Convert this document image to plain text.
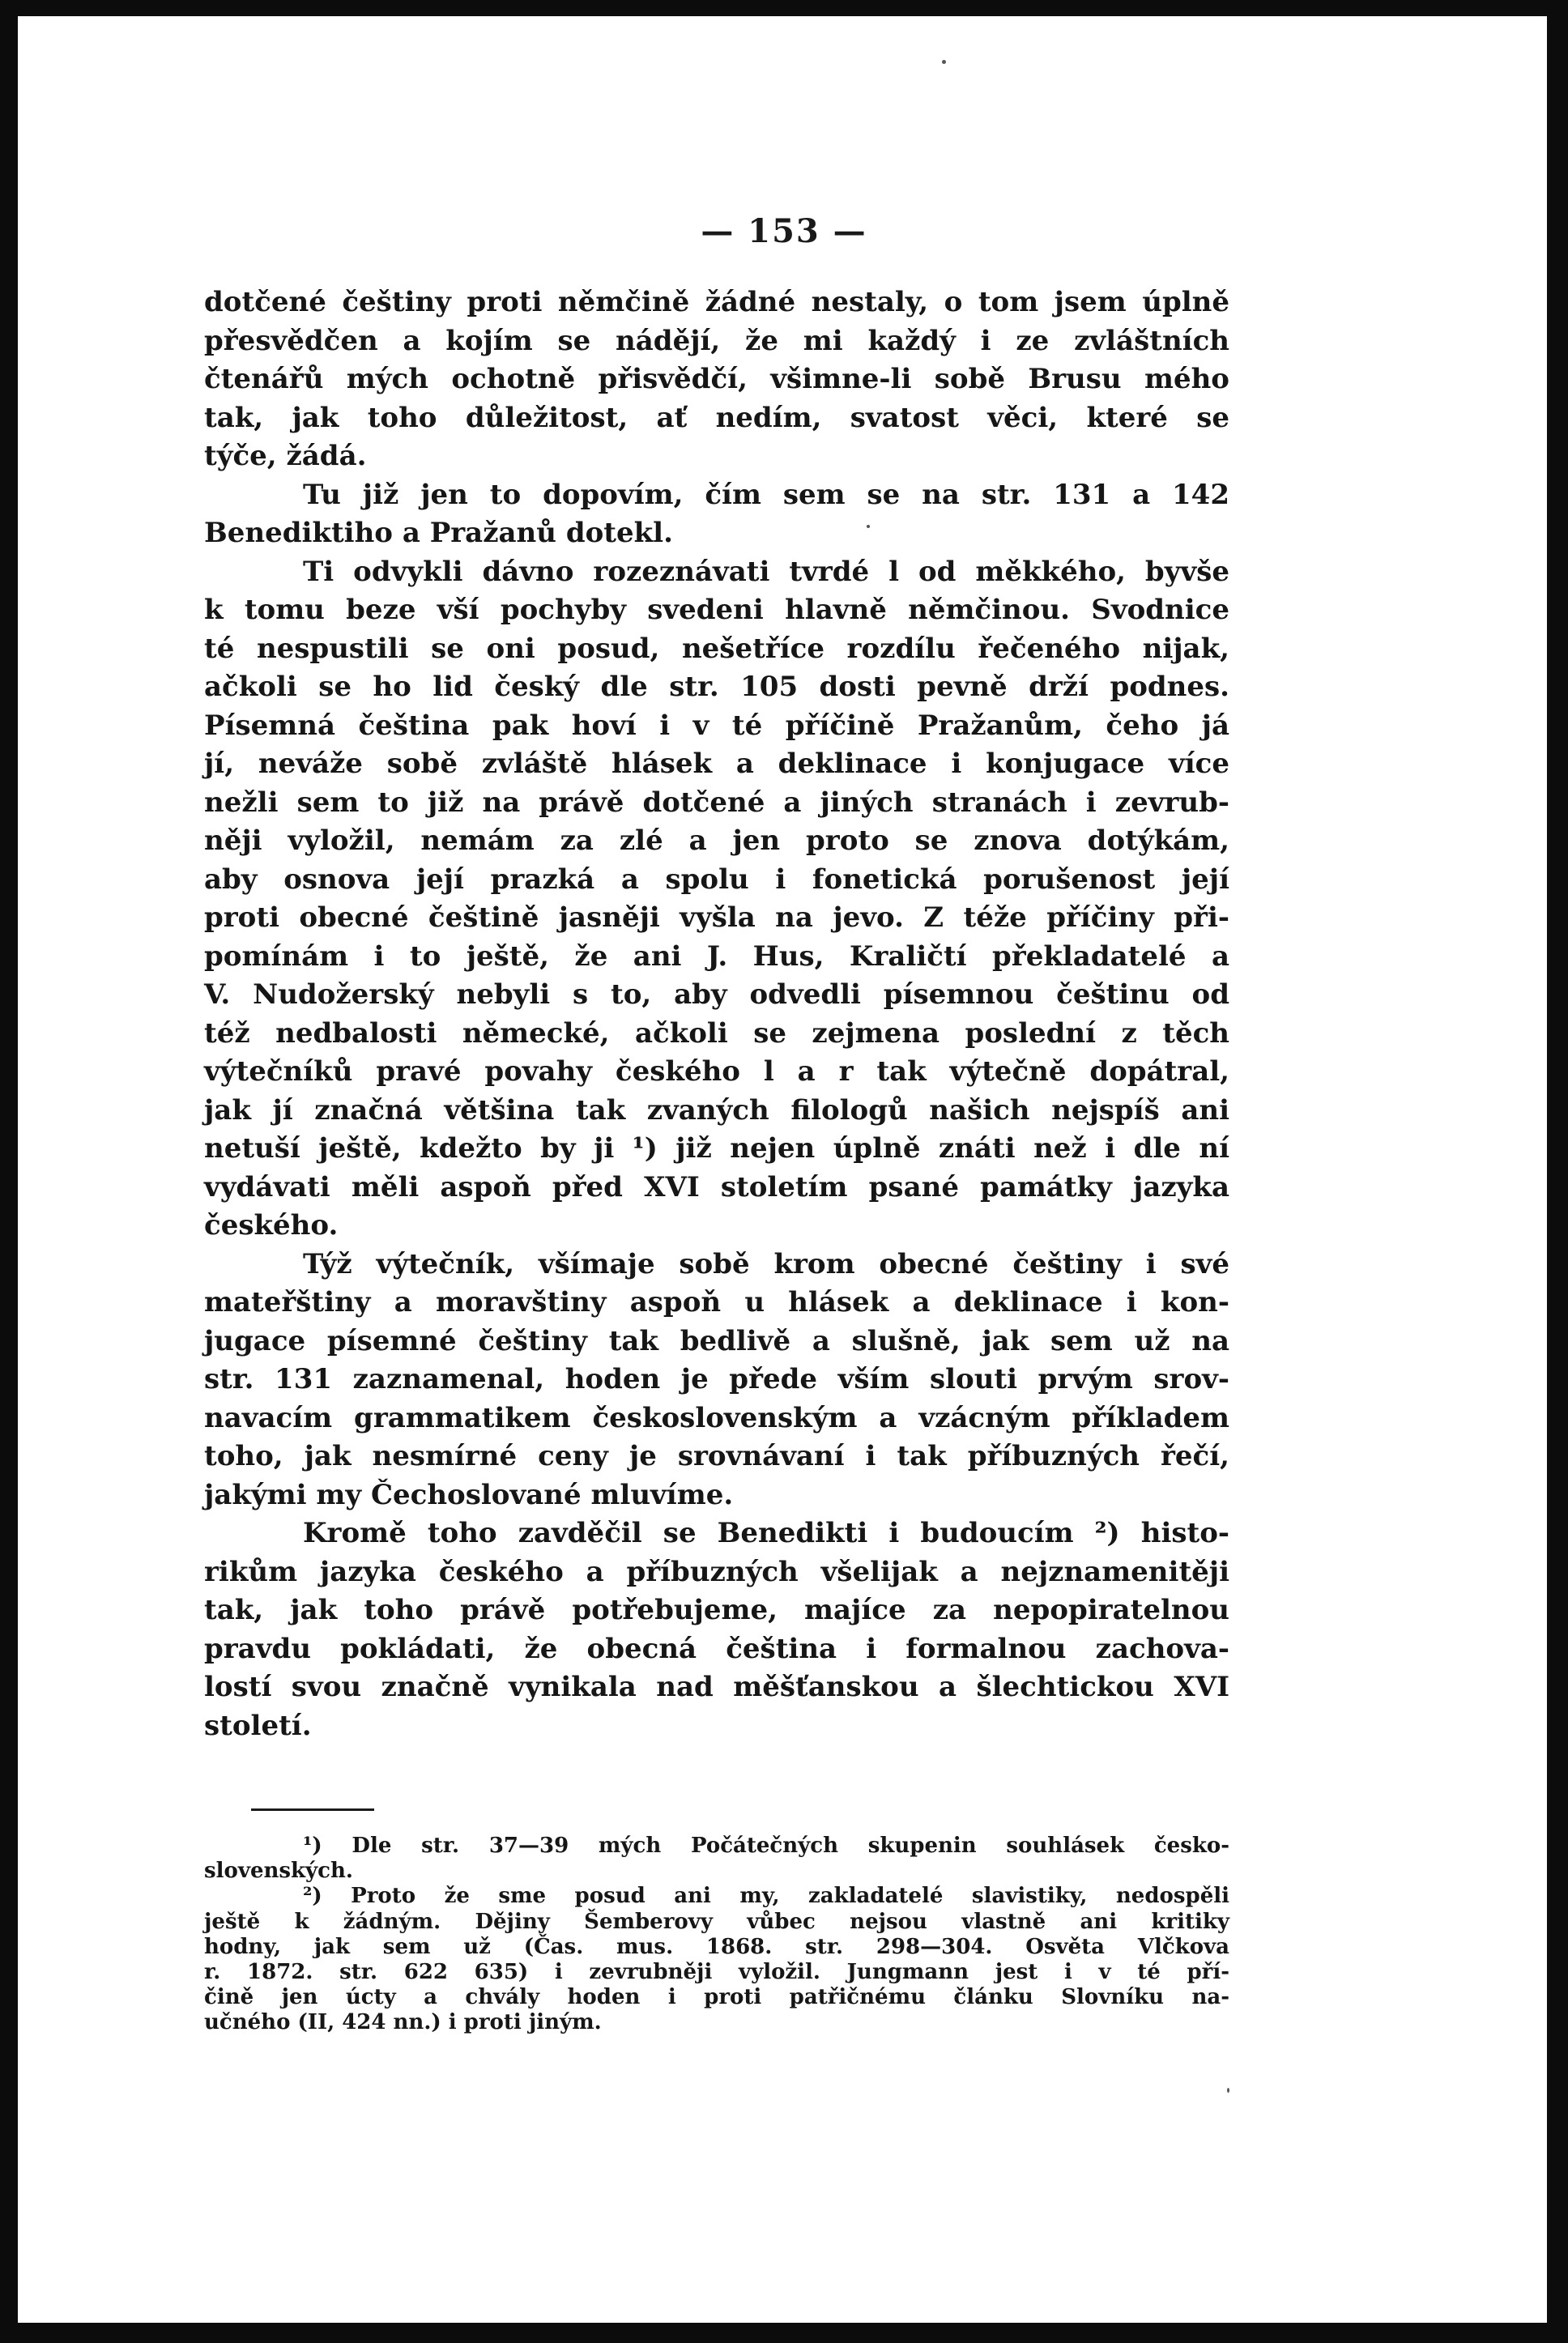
— 153 —
dotčené češtiny proti němčině žádné nestaly, o tom jsem úplně
přesvědčen a kojím se nádějí, že mi každý i ze zvláštních
čtenářů mých ochotně přisvědčí, všimne-li sobě Brusu mého
tak, jak toho důležitost, ať nedím, svatost věci, které se
týče, žádá.
Tu již jen to dopovím, čím sem se na str. 131 a 142
Benediktiho a Pražanů dotekl.
Ti odvykli dávno rozeznávati tvrdé l od měkkého, byvše
k tomu beze vší pochyby svedeni hlavně němčinou. Svodnice
té nespustili se oni posud, nešetříce rozdílu řečeného nijak,
ačkoli se ho lid český dle str. 105 dosti pevně drží podnes.
Písemná čeština pak hoví i v té příčině Pražanům, čeho já
jí, neváže sobě zvláště hlásek a deklinace i konjugace více
nežli sem to již na právě dotčené a jiných stranách i zevrub-
něji vyložil, nemám za zlé a jen proto se znova dotýkám,
aby osnova její prazká a spolu i fonetická porušenost její
proti obecné češtině jasněji vyšla na jevo. Z téže příčiny při-
pomínám i to ještě, že ani J. Hus, Kraličtí překladatelé a
V. Nudožerský nebyli s to, aby odvedli písemnou češtinu od
též nedbalosti německé, ačkoli se zejmena poslední z těch
výtečníků pravé povahy českého l a r tak výtečně dopátral,
jak jí značná většina tak zvaných filologů našich nejspíš ani
netuší ještě, kdežto by ji ¹) již nejen úplně znáti než i dle ní
vydávati měli aspoň před XVI stoletím psané památky jazyka
českého.
Týž výtečník, všímaje sobě krom obecné češtiny i své
mateřštiny a moravštiny aspoň u hlásek a deklinace i kon-
jugace písemné češtiny tak bedlivě a slušně, jak sem už na
str. 131 zaznamenal, hoden je přede vším slouti prvým srov-
navacím grammatikem československým a vzácným příkladem
toho, jak nesmírné ceny je srovnávaní i tak příbuzných řečí,
jakými my Čechoslované mluvíme.
Kromě toho zavděčil se Benedikti i budoucím ²) histo-
rikům jazyka českého a příbuzných všelijak a nejznamenitěji
tak, jak toho právě potřebujeme, majíce za nepopiratelnou
pravdu pokládati, že obecná čeština i formalnou zachova-
lostí svou značně vynikala nad měšťanskou a šlechtickou XVI
století.
¹) Dle str. 37—39 mých Počátečných skupenin souhlásek česko-
slovenských.
²) Proto že sme posud ani my, zakladatelé slavistiky, nedospěli
ještě k žádným. Dějiny Šemberovy vůbec nejsou vlastně ani kritiky
hodny, jak sem už (Čas. mus. 1868. str. 298—304. Osvěta Vlčkova
r. 1872. str. 622 635) i zevrubněji vyložil. Jungmann jest i v té pří-
čině jen úcty a chvály hoden i proti patřičnému článku Slovníku na-
učného (II, 424 nn.) i proti jiným.
